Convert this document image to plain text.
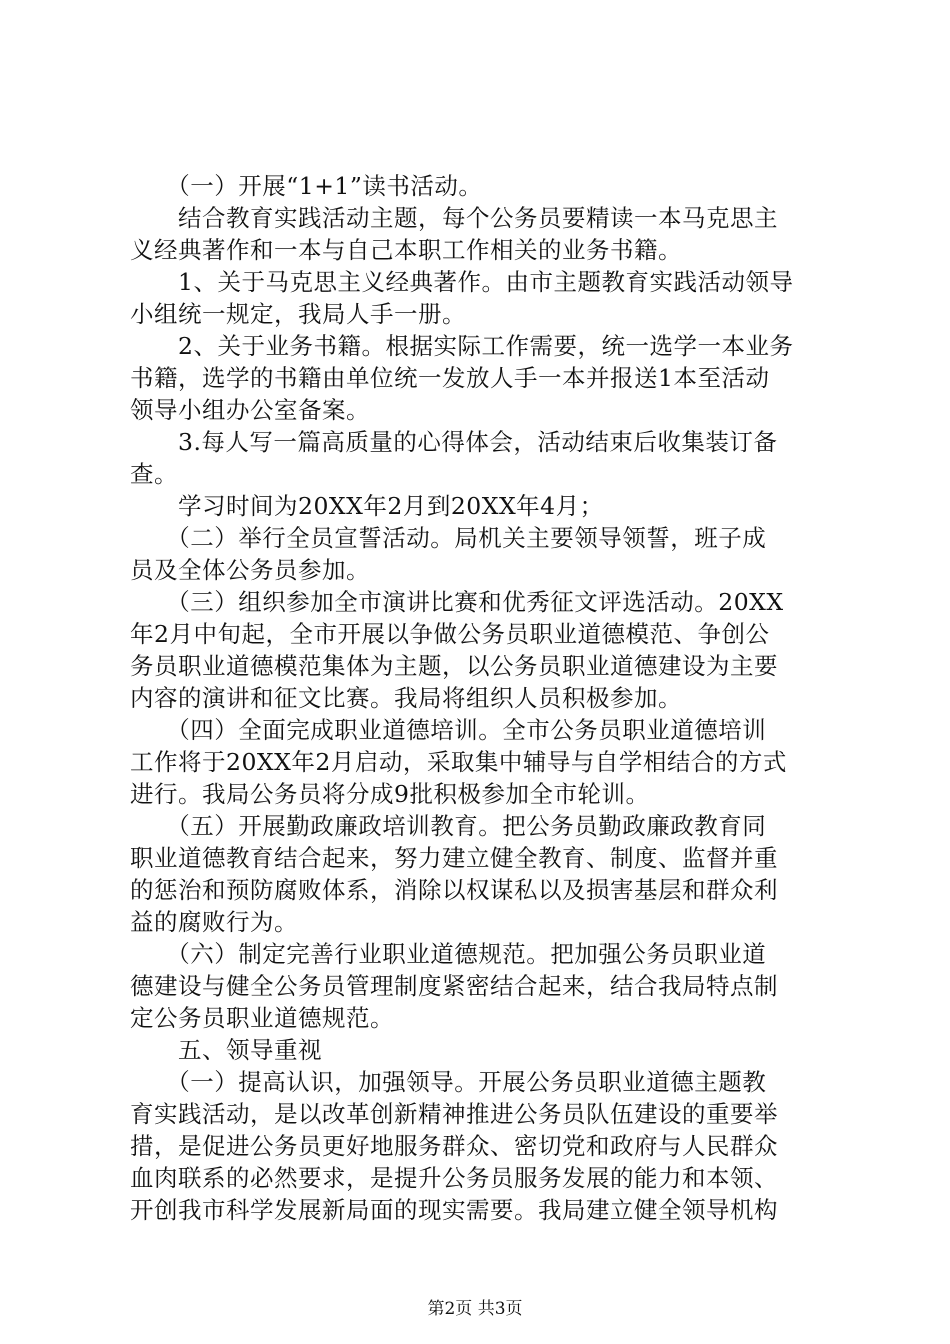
　　（一）开展“1+1”读书活动。
　　结合教育实践活动主题，每个公务员要精读一本马克思主
义经典著作和一本与自己本职工作相关的业务书籍。
　　1、关于马克思主义经典著作。由市主题教育实践活动领导
小组统一规定，我局人手一册。
　　2、关于业务书籍。根据实际工作需要，统一选学一本业务
书籍，选学的书籍由单位统一发放人手一本并报送1本至活动
领导小组办公室备案。
　　3.每人写一篇高质量的心得体会，活动结束后收集装订备
查。
　　学习时间为20XX年2月到20XX年4月；
　　（二）举行全员宣誓活动。局机关主要领导领誓，班子成
员及全体公务员参加。
　　（三）组织参加全市演讲比赛和优秀征文评选活动。20XX
年2月中旬起，全市开展以争做公务员职业道德模范、争创公
务员职业道德模范集体为主题，以公务员职业道德建设为主要
内容的演讲和征文比赛。我局将组织人员积极参加。
　　（四）全面完成职业道德培训。全市公务员职业道德培训
工作将于20XX年2月启动，采取集中辅导与自学相结合的方式
进行。我局公务员将分成9批积极参加全市轮训。
　　（五）开展勤政廉政培训教育。把公务员勤政廉政教育同
职业道德教育结合起来，努力建立健全教育、制度、监督并重
的惩治和预防腐败体系，消除以权谋私以及损害基层和群众利
益的腐败行为。
　　（六）制定完善行业职业道德规范。把加强公务员职业道
德建设与健全公务员管理制度紧密结合起来，结合我局特点制
定公务员职业道德规范。
　　五、领导重视
　　（一）提高认识，加强领导。开展公务员职业道德主题教
育实践活动，是以改革创新精神推进公务员队伍建设的重要举
措，是促进公务员更好地服务群众、密切党和政府与人民群众
血肉联系的必然要求，是提升公务员服务发展的能力和本领、
开创我市科学发展新局面的现实需要。我局建立健全领导机构
第2页 共3页
